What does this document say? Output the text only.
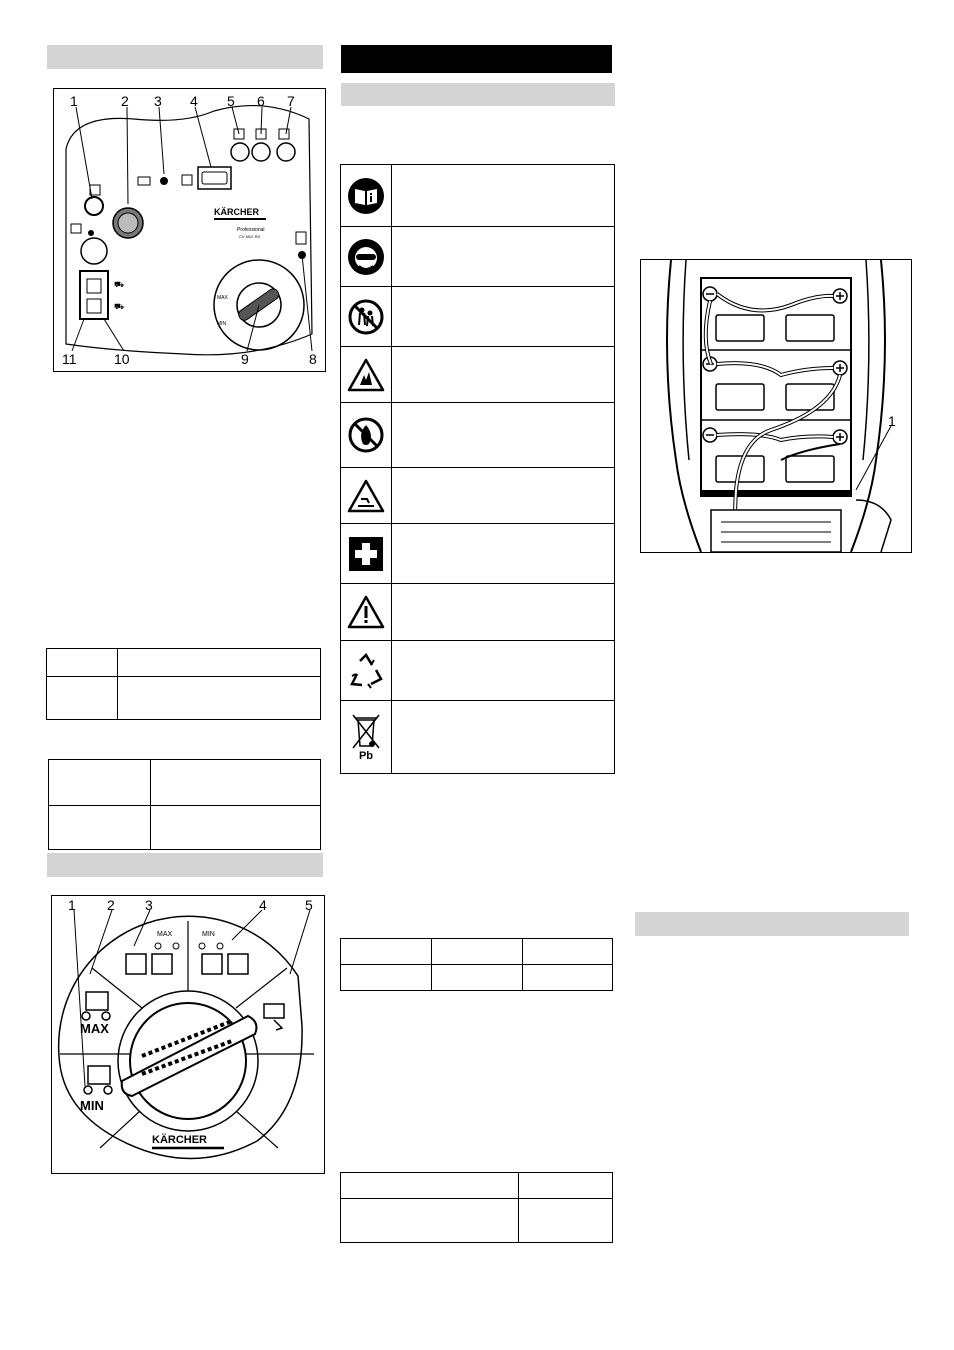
KÄRCHER
Professional
CV 60/2 RS
⛟
⛟
MAX
MIN
1	2 3 4 5 6 7
8
9
10
11

MAX
MIN
MAX	MIN
KÄRCHER
1 2 3	4	5
Pb

1
